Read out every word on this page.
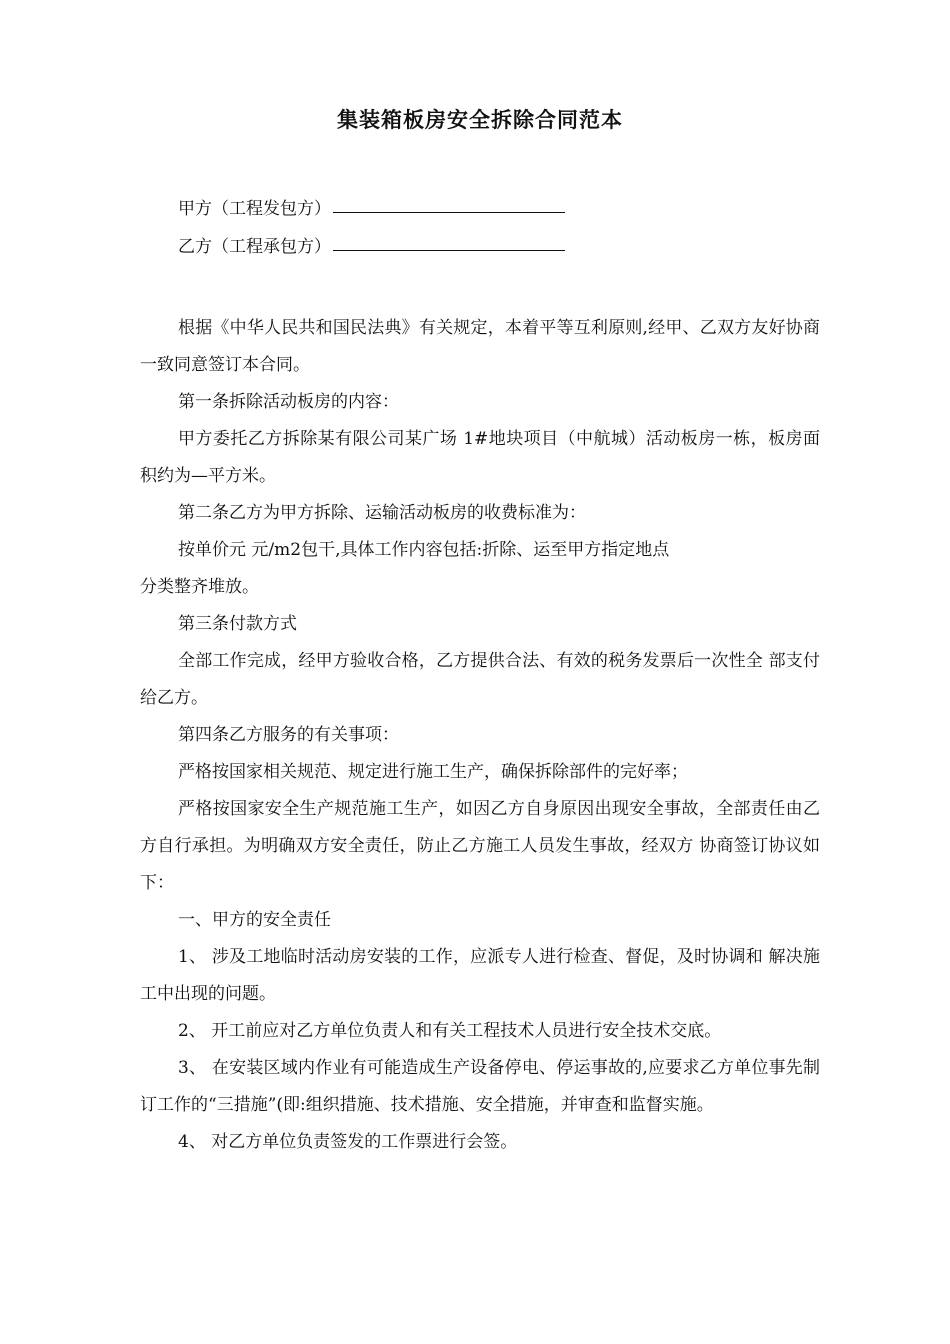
集装箱板房安全拆除合同范本
甲方（工程发包方）
乙方（工程承包方）

根据《中华人民共和国民法典》有关规定，本着平等互利原则,经甲、乙双方友好协商一致同意签订本合同。

第一条拆除活动板房的内容：

甲方委托乙方拆除某有限公司某广场 1#地块项目（中航城）活动板房一栋，板房面积约为—平方米。

第二条乙方为甲方拆除、运输活动板房的收费标准为：

按单价元 元/m2包干,具体工作内容包括:折除、运至甲方指定地点

分类整齐堆放。

第三条付款方式

全部工作完成，经甲方验收合格，乙方提供合法、有效的税务发票后一次性全 部支付给乙方。

第四条乙方服务的有关事项：

严格按国家相关规范、规定进行施工生产，确保拆除部件的完好率；

严格按国家安全生产规范施工生产，如因乙方自身原因出现安全事故，全部责任由乙方自行承担。为明确双方安全责任，防止乙方施工人员发生事故，经双方 协商签订协议如下：

一、甲方的安全责任

1、 涉及工地临时活动房安装的工作，应派专人进行检查、督促，及时协调和 解决施工中出现的问题。

2、 开工前应对乙方单位负责人和有关工程技术人员进行安全技术交底。

3、 在安装区域内作业有可能造成生产设备停电、停运事故的,应要求乙方单位事先制订工作的“三措施”(即:组织措施、技术措施、安全措施，并审查和监督实施。

4、 对乙方单位负责签发的工作票进行会签。
